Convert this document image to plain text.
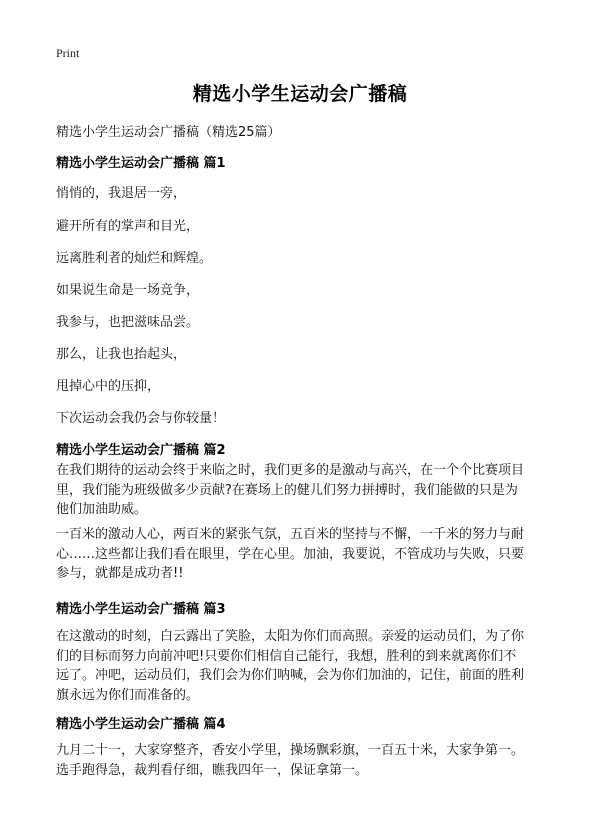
Print
精选小学生运动会广播稿
精选小学生运动会广播稿（精选25篇）
精选小学生运动会广播稿 篇1
悄悄的，我退居一旁，
避开所有的掌声和目光，
远离胜利者的灿烂和辉煌。
如果说生命是一场竞争，
我参与，也把滋味品尝。
那么，让我也抬起头，
甩掉心中的压抑，
下次运动会我仍会与你较量！
精选小学生运动会广播稿 篇2
在我们期待的运动会终于来临之时，我们更多的是激动与高兴，在一个个比赛项目
里，我们能为班级做多少贡献?在赛场上的健儿们努力拼搏时，我们能做的只是为
他们加油助威。
一百米的激动人心，两百米的紧张气氛，五百米的坚持与不懈，一千米的努力与耐
心……这些都让我们看在眼里，学在心里。加油，我要说，不管成功与失败，只要
参与，就都是成功者!!
精选小学生运动会广播稿 篇3
在这激动的时刻，白云露出了笑脸，太阳为你们而高照。亲爱的运动员们，为了你
们的目标而努力向前冲吧!只要你们相信自己能行，我想，胜利的到来就离你们不
远了。冲吧，运动员们，我们会为你们呐喊，会为你们加油的，记住，前面的胜利
旗永远为你们而准备的。
精选小学生运动会广播稿 篇4
九月二十一，大家穿整齐，香安小学里，操场飘彩旗，一百五十米，大家争第一。
选手跑得急，裁判看仔细，瞧我四年一，保证拿第一。
